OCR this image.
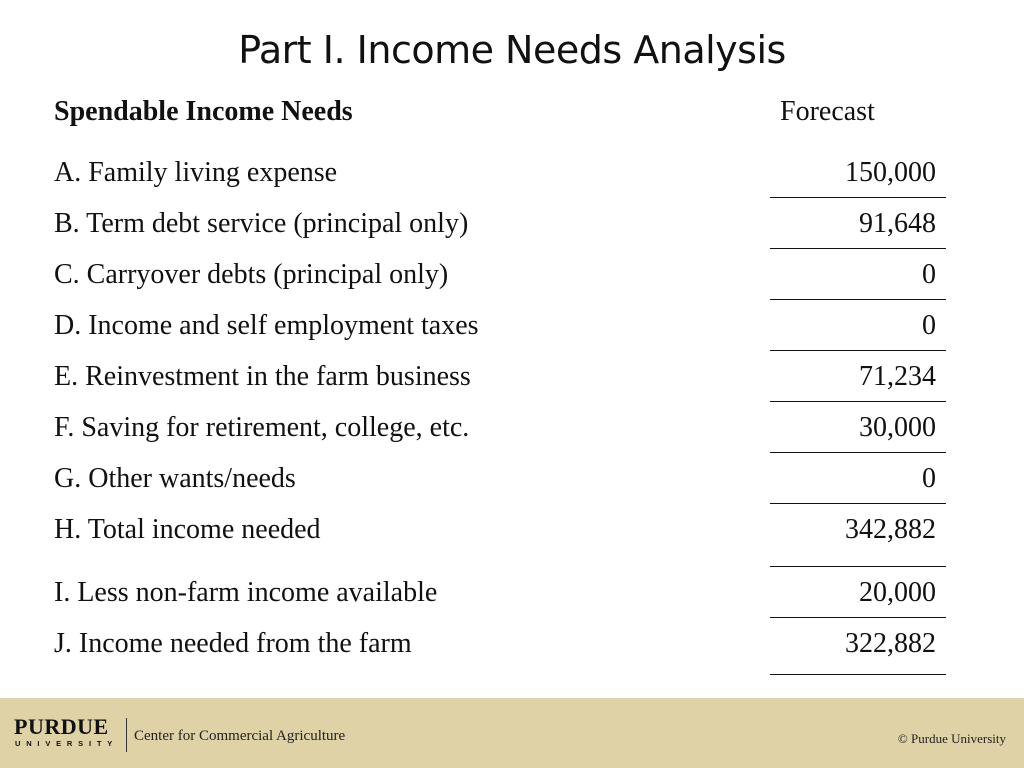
Part I. Income Needs Analysis
Spendable Income Needs	Forecast
A. Family living expense	150,000
B. Term debt service (principal only)	91,648
C. Carryover debts (principal only)	0
D. Income and self employment taxes	0
E. Reinvestment in the farm business	71,234
F. Saving for retirement, college, etc.	30,000
G. Other wants/needs	0
H. Total income needed	342,882
I. Less non-farm income available	20,000
J. Income needed from the farm	322,882
PURDUE
UNIVERSITY Center for Commercial Agriculture	© Purdue University
